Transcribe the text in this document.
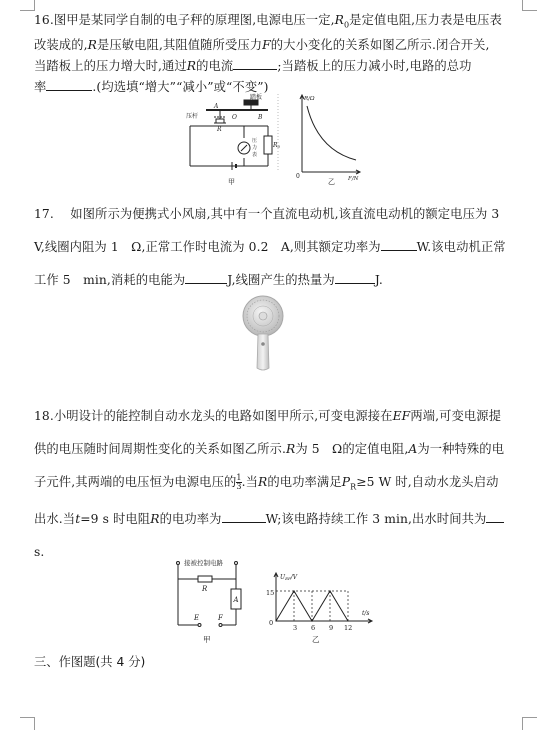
16.图甲是某同学自制的电子秤的原理图,电源电压一定$,R_0$是定值电阻,压力表是电压表
改装成的,R是压敏电阻,其阻值随所受压力F的大小变化的关系如图乙所示.闭合开关,
当踏板上的压力增大时,通过R的电流	;当踏板上的压力减小时,电路的总功
率	.(均选填“增大”“减小”或“不变”)
踏板
压杆
A
O	B
R
压
力
表
R0
甲
R/Ω
F/N
0
乙
17.　 如图所示为便携式小风扇,其中有一个直流电动机,该直流电动机的额定电压为 3
V,线圈内阻为 1　Ω,正常工作时电流为 0.2　A,则其额定功率为	W.该电动机正常
工作 5　min,消耗的电能为	J,线圈产生的热量为	J.
18.小明设计的能控制自动水龙头的电路如图甲所示,可变电源接在EF两端,可变电源提
供的电压随时间周期性变化的关系如图乙所示.R为 5　Ω的定值电阻,A为一种特殊的电
子元件,其两端的电压恒为电源电压的 $\frac{1}{3}$ .当R的电功率满足$P_R\ge 5$ W 时,自动水龙头启动
出水.当t=9 s 时电阻R的电功率为	W;该电路持续工作 3 min,出水时间共为
s.
接被控制电路
R
A
E	F
甲
UEF/V
t/s
15
0
3 6 9 12
乙
三、作图题(共 4 分)
